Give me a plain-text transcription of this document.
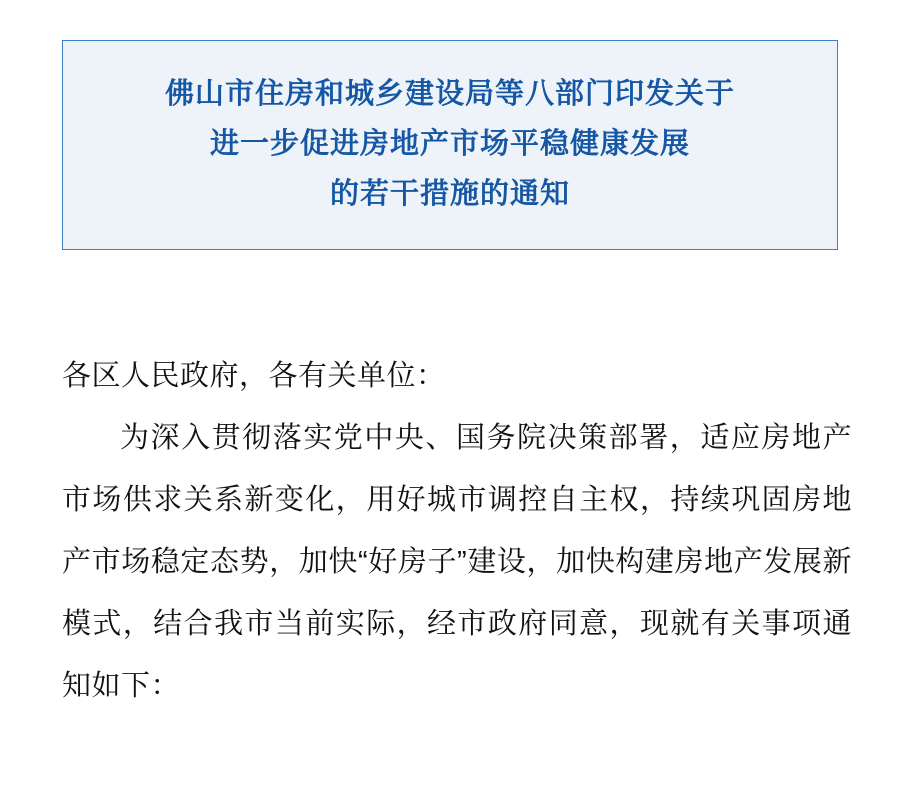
佛山市住房和城乡建设局等八部门印发关于
进一步促进房地产市场平稳健康发展
的若干措施的通知

各区人民政府，各有关单位：

为深入贯彻落实党中央、国务院决策部署，适应房地产市场供求关系新变化，用好城市调控自主权，持续巩固房地产市场稳定态势，加快“好房子”建设，加快构建房地产发展新模式，结合我市当前实际，经市政府同意，现就有关事项通知如下：
